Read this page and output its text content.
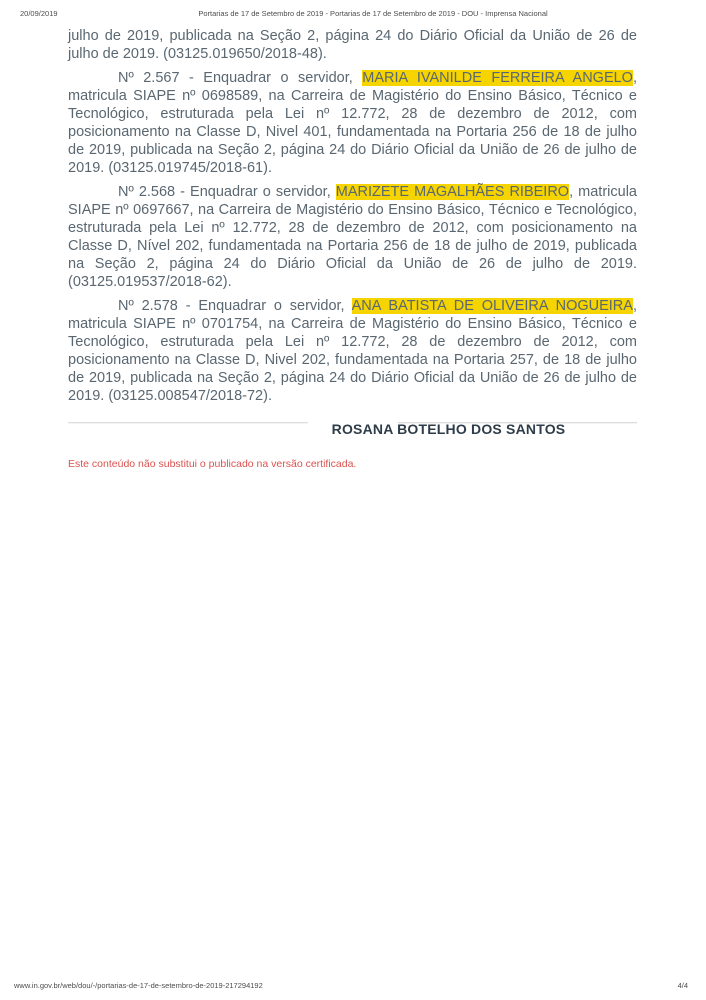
20/09/2019	Portarias de 17 de Setembro de 2019 - Portarias de 17 de Setembro de 2019 - DOU - Imprensa Nacional

julho de 2019, publicada na Seção 2, página 24 do Diário Oficial da União de 26 de julho de 2019. (03125.019650/2018-48).

Nº 2.567 - Enquadrar o servidor, MARIA IVANILDE FERREIRA ANGELO, matricula SIAPE nº 0698589, na Carreira de Magistério do Ensino Básico, Técnico e Tecnológico, estruturada pela Lei nº 12.772, 28 de dezembro de 2012, com posicionamento na Classe D, Nivel 401, fundamentada na Portaria 256 de 18 de julho de 2019, publicada na Seção 2, página 24 do Diário Oficial da União de 26 de julho de 2019. (03125.019745/2018-61).

Nº 2.568 - Enquadrar o servidor, MARIZETE MAGALHÃES RIBEIRO, matricula SIAPE nº 0697667, na Carreira de Magistério do Ensino Básico, Técnico e Tecnológico, estruturada pela Lei nº 12.772, 28 de dezembro de 2012, com posicionamento na Classe D, Nível 202, fundamentada na Portaria 256 de 18 de julho de 2019, publicada na Seção 2, página 24 do Diário Oficial da União de 26 de julho de 2019. (03125.019537/2018-62).

Nº 2.578 - Enquadrar o servidor, ANA BATISTA DE OLIVEIRA NOGUEIRA, matricula SIAPE nº 0701754, na Carreira de Magistério do Ensino Básico, Técnico e Tecnológico, estruturada pela Lei nº 12.772, 28 de dezembro de 2012, com posicionamento na Classe D, Nivel 202, fundamentada na Portaria 257, de 18 de julho de 2019, publicada na Seção 2, página 24 do Diário Oficial da União de 26 de julho de 2019. (03125.008547/2018-72).

ROSANA BOTELHO DOS SANTOS
Este conteúdo não substitui o publicado na versão certificada.
www.in.gov.br/web/dou/-/portarias-de-17-de-setembro-de-2019-217294192	4/4
